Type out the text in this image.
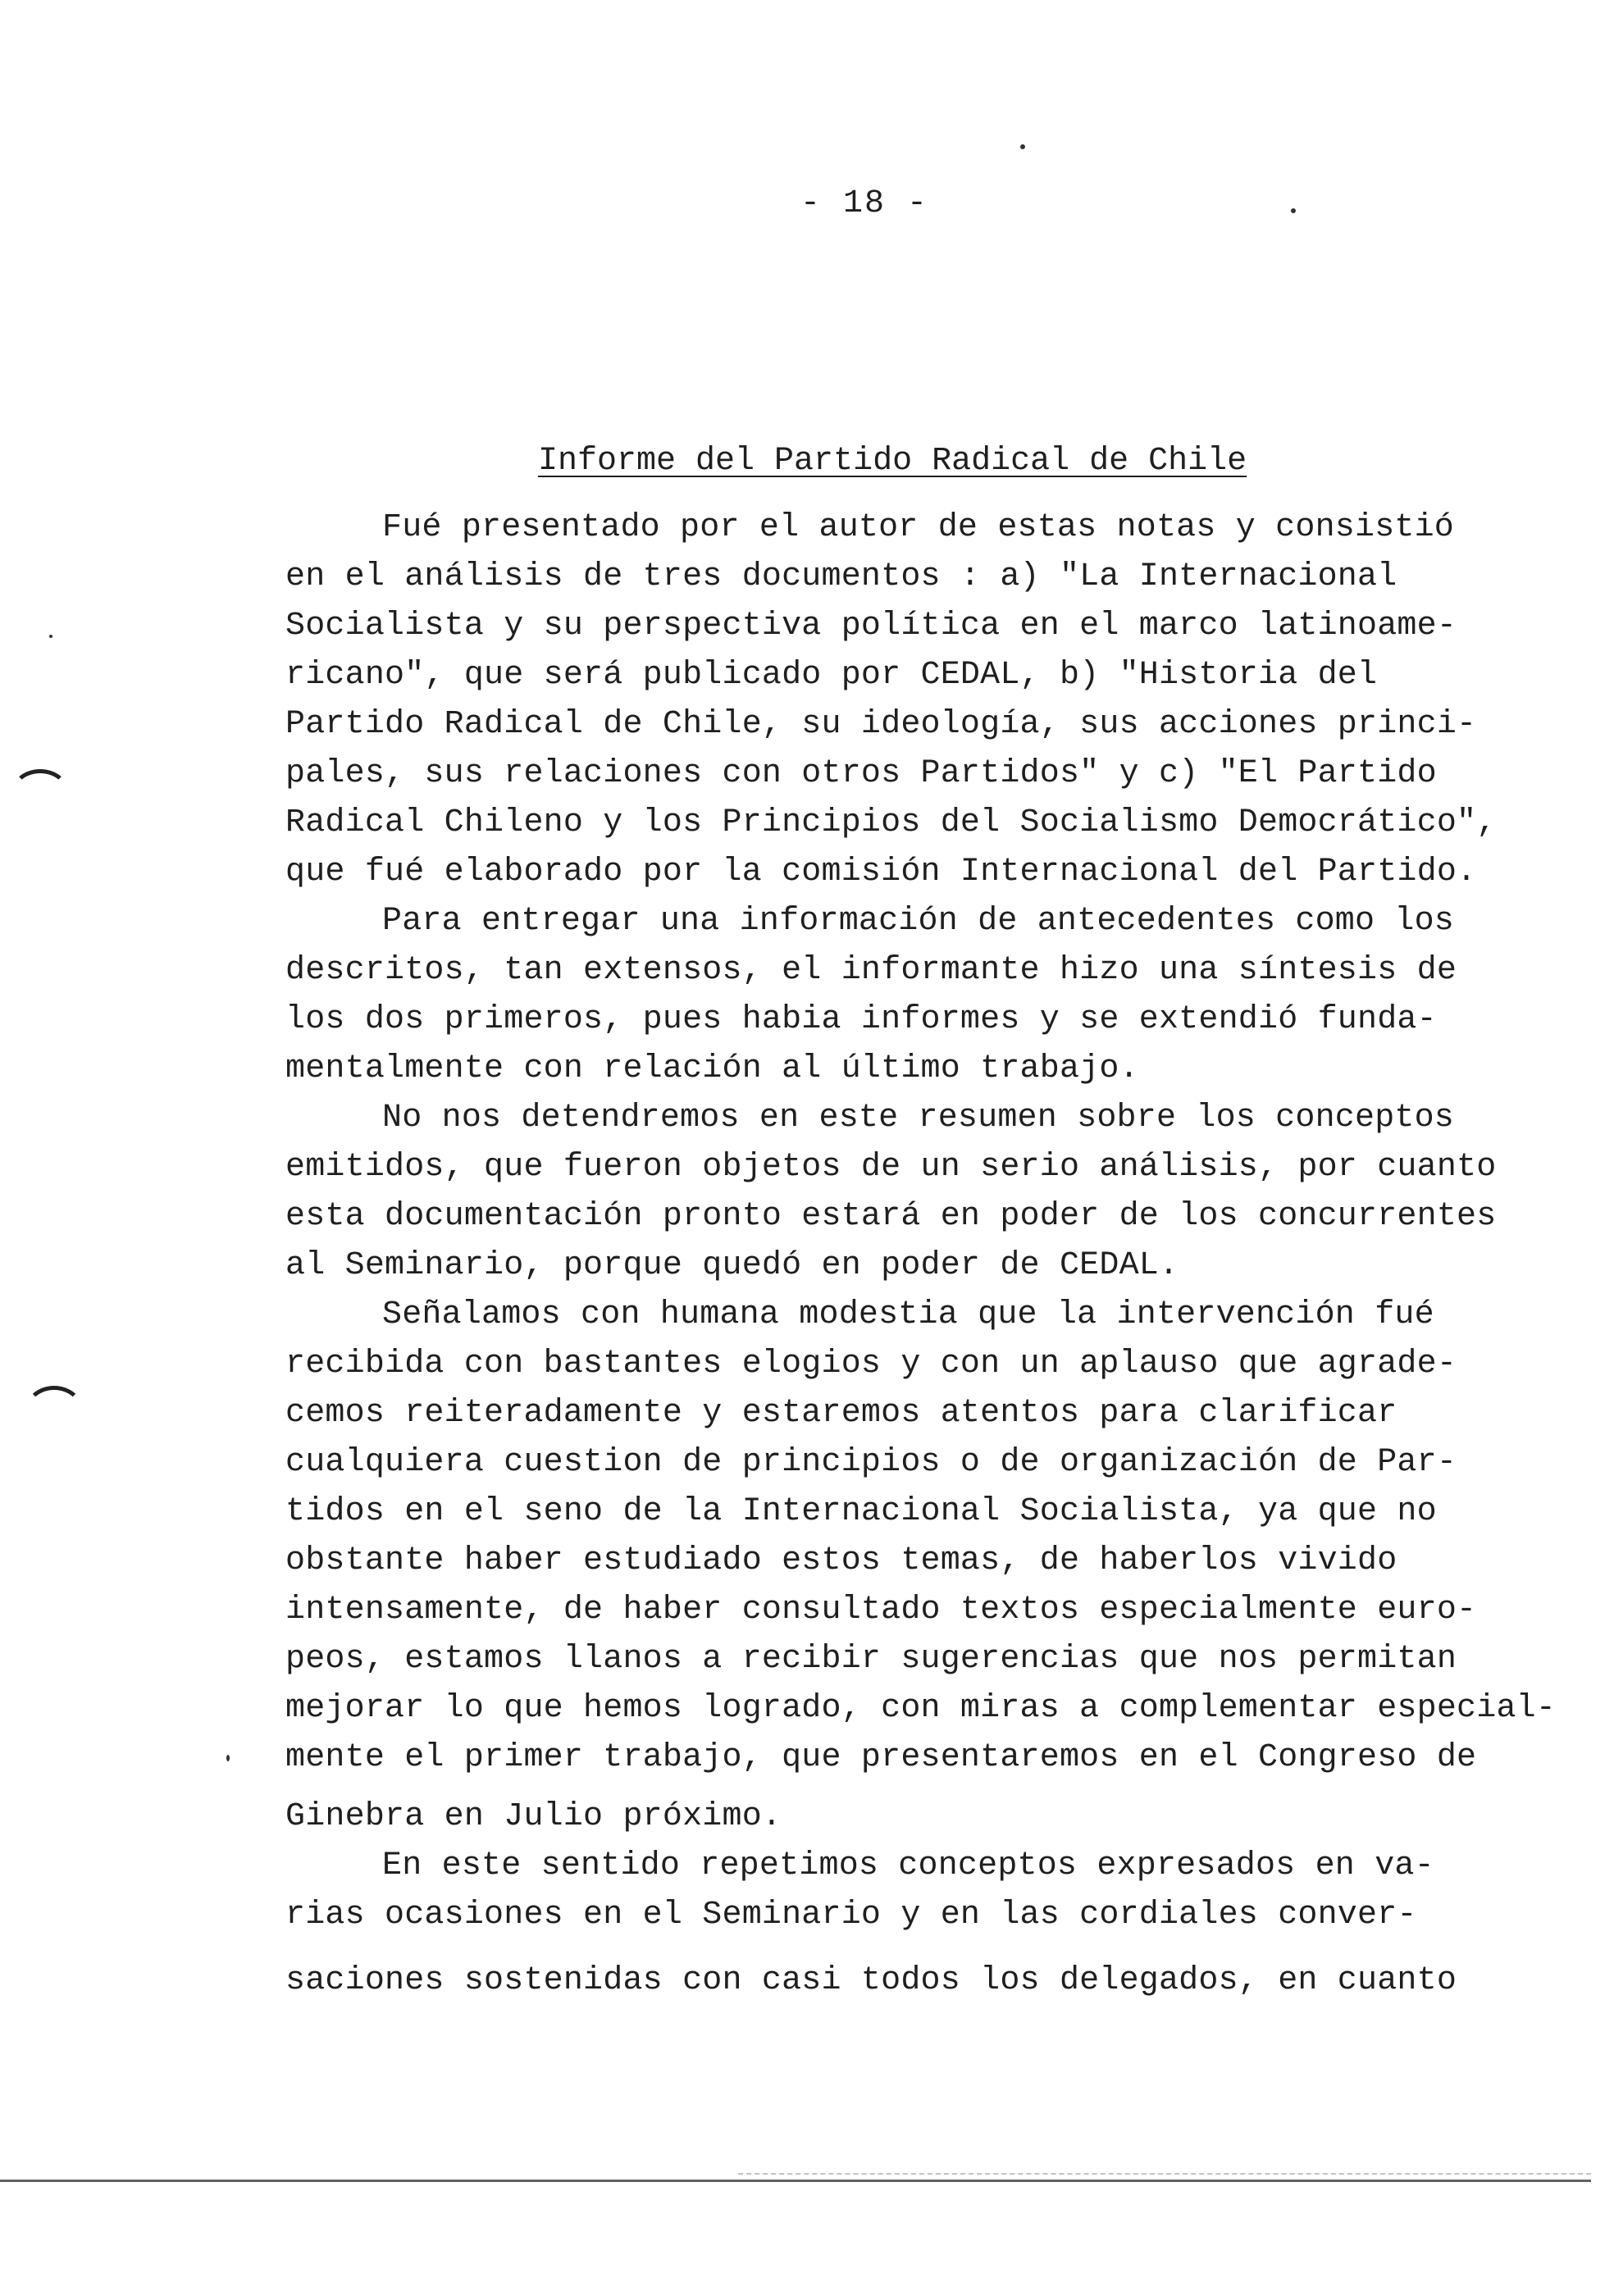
- 18 -
Informe del Partido Radical de Chile
Fué presentado por el autor de estas notas y consistió
en el análisis de tres documentos : a) "La Internacional
Socialista y su perspectiva política en el marco latinoame-
ricano", que será publicado por CEDAL, b) "Historia del
Partido Radical de Chile, su ideología, sus acciones princi-
pales, sus relaciones con otros Partidos" y c) "El Partido
Radical Chileno y los Principios del Socialismo Democrático",
que fué elaborado por la comisión Internacional del Partido.
Para entregar una información de antecedentes como los
descritos, tan extensos, el informante hizo una síntesis de
los dos primeros, pues habia informes y se extendió funda-
mentalmente con relación al último trabajo.
No nos detendremos en este resumen sobre los conceptos
emitidos, que fueron objetos de un serio análisis, por cuanto
esta documentación pronto estará en poder de los concurrentes
al Seminario, porque quedó en poder de CEDAL.
Señalamos con humana modestia que la intervención fué
recibida con bastantes elogios y con un aplauso que agrade-
cemos reiteradamente y estaremos atentos para clarificar
cualquiera cuestion de principios o de organización de Par-
tidos en el seno de la Internacional Socialista, ya que no
obstante haber estudiado estos temas, de haberlos vivido
intensamente, de haber consultado textos especialmente euro-
peos, estamos llanos a recibir sugerencias que nos permitan
mejorar lo que hemos logrado, con miras a complementar especial-
mente el primer trabajo, que presentaremos en el Congreso de
Ginebra en Julio próximo.
En este sentido repetimos conceptos expresados en va-
rias ocasiones en el Seminario y en las cordiales conver-
saciones sostenidas con casi todos los delegados, en cuanto
